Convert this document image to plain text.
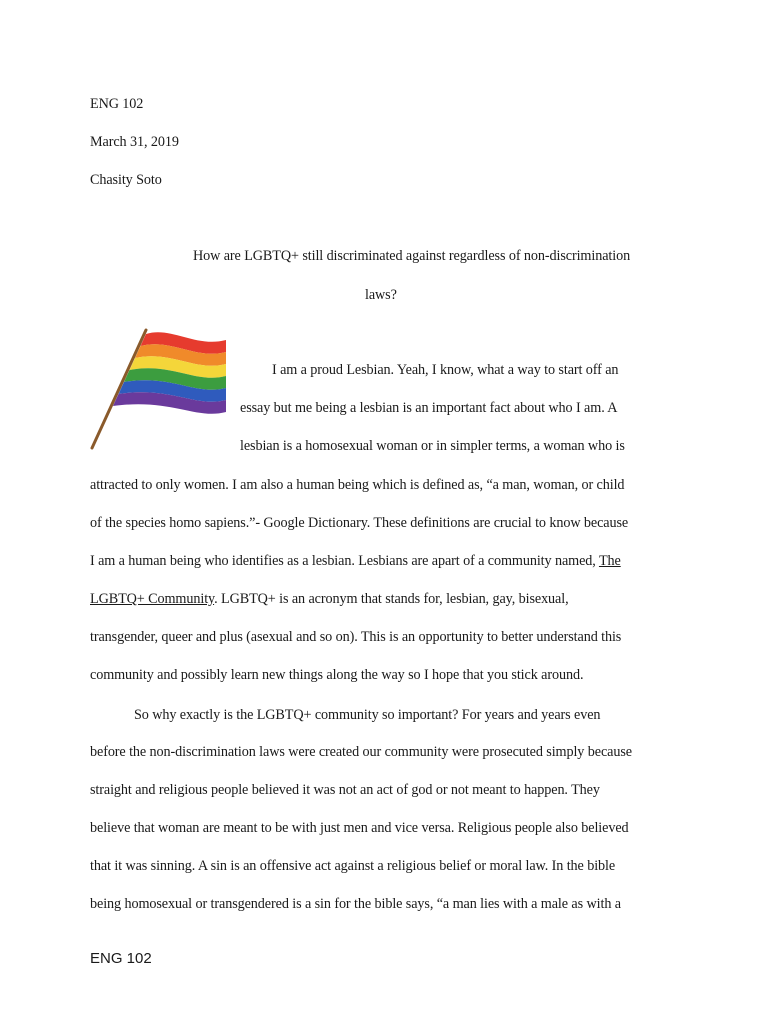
ENG 102

March 31, 2019

Chasity Soto

How are LGBTQ+ still discriminated against regardless of non-discrimination

laws?

I am a proud Lesbian. Yeah, I know, what a way to start off an

essay but me being a lesbian is an important fact about who I am. A

lesbian is a homosexual woman or in simpler terms, a woman who is

attracted to only women. I am also a human being which is defined as, “a man, woman, or child

of the species homo sapiens.”- Google Dictionary. These definitions are crucial to know because

I am a human being who identifies as a lesbian. Lesbians are apart of a community named, The

LGBTQ+ Community. LGBTQ+ is an acronym that stands for, lesbian, gay, bisexual,

transgender, queer and plus (asexual and so on). This is an opportunity to better understand this

community and possibly learn new things along the way so I hope that you stick around.

So why exactly is the LGBTQ+ community so important? For years and years even

before the non-discrimination laws were created our community were prosecuted simply because

straight and religious people believed it was not an act of god or not meant to happen. They

believe that woman are meant to be with just men and vice versa. Religious people also believed

that it was sinning. A sin is an offensive act against a religious belief or moral law. In the bible

being homosexual or transgendered is a sin for the bible says, “a man lies with a male as with a

ENG 102
